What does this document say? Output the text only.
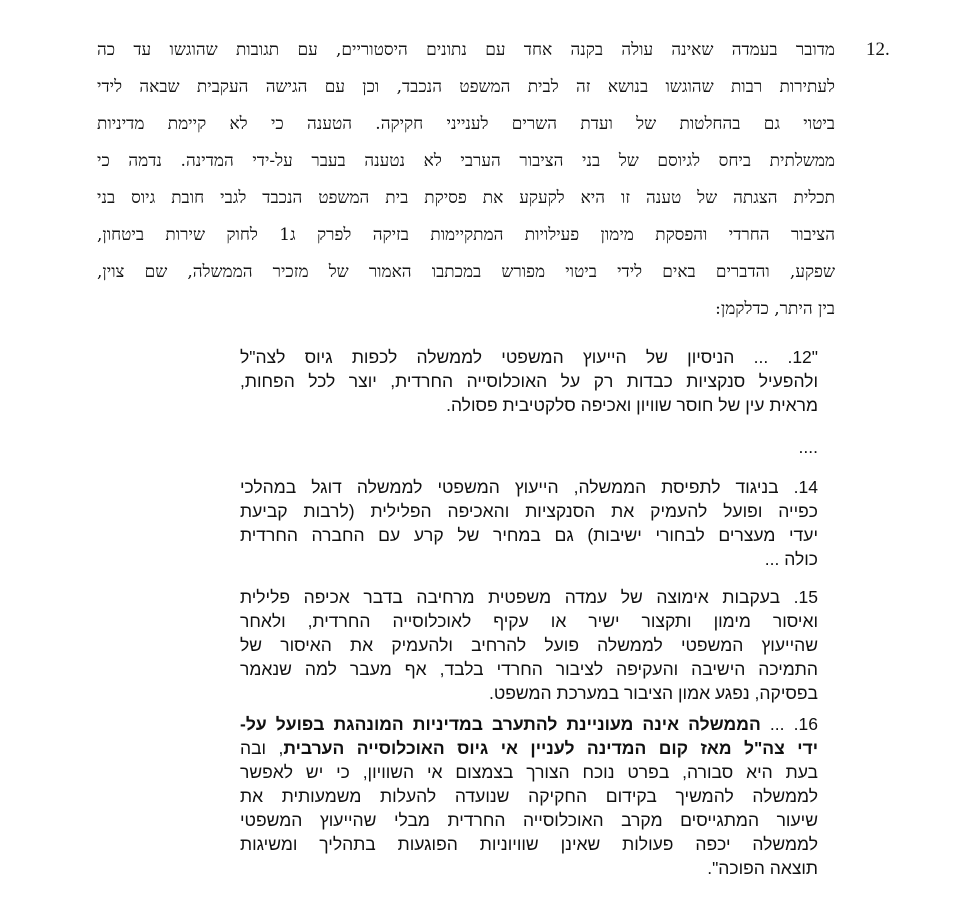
12.
מדובר בעמדה שאינה עולה בקנה אחד עם נתונים היסטוריים, עם תגובות שהוגשו עד כה
לעתירות רבות שהוגשו בנושא זה לבית המשפט הנכבד, וכן עם הגישה העקבית שבאה לידי
ביטוי גם בהחלטות של ועדת השרים לענייני חקיקה. הטענה כי לא קיימת מדיניות
ממשלתית ביחס לגיוסם של בני הציבור הערבי לא נטענה בעבר על-ידי המדינה. נדמה כי
תכלית הצגתה של טענה זו היא לקעקע את פסיקת בית המשפט הנכבד לגבי חובת גיוס בני
הציבור החרדי והפסקת מימון פעילויות המתקיימות בזיקה לפרק ג1 לחוק שירות ביטחון,
שפקע, והדברים באים לידי ביטוי מפורש במכתבו האמור של מזכיר הממשלה, שם צוין,
בין היתר, כדלקמן:
"12. ... הניסיון של הייעוץ המשפטי לממשלה לכפות גיוס לצה"ל
ולהפעיל סנקציות כבדות רק על האוכלוסייה החרדית, יוצר לכל הפחות,
מראית עין של חוסר שוויון ואכיפה סלקטיבית פסולה.
....
14. בניגוד לתפיסת הממשלה, הייעוץ המשפטי לממשלה דוגל במהלכי
כפייה ופועל להעמיק את הסנקציות והאכיפה הפלילית (לרבות קביעת
יעדי מעצרים לבחורי ישיבות) גם במחיר של קרע עם החברה החרדית
כולה ...
15. בעקבות אימוצה של עמדה משפטית מרחיבה בדבר אכיפה פלילית
ואיסור מימון ותקצור ישיר או עקיף לאוכלוסייה החרדית, ולאחר
שהייעוץ המשפטי לממשלה פועל להרחיב ולהעמיק את האיסור של
התמיכה הישיבה והעקיפה לציבור החרדי בלבד, אף מעבר למה שנאמר
בפסיקה, נפגע אמון הציבור במערכת המשפט.
16. ... הממשלה אינה מעוניינת להתערב במדיניות המונהגת בפועל על-
ידי צה"ל מאז קום המדינה לעניין אי גיוס האוכלוסייה הערבית, ובה
בעת היא סבורה, בפרט נוכח הצורך בצמצום אי השוויון, כי יש לאפשר
לממשלה להמשיך בקידום החקיקה שנועדה להעלות משמעותית את
שיעור המתגייסים מקרב האוכלוסייה החרדית מבלי שהייעוץ המשפטי
לממשלה יכפה פעולות שאינן שוויוניות הפוגעות בתהליך ומשיגות
תוצאה הפוכה".
